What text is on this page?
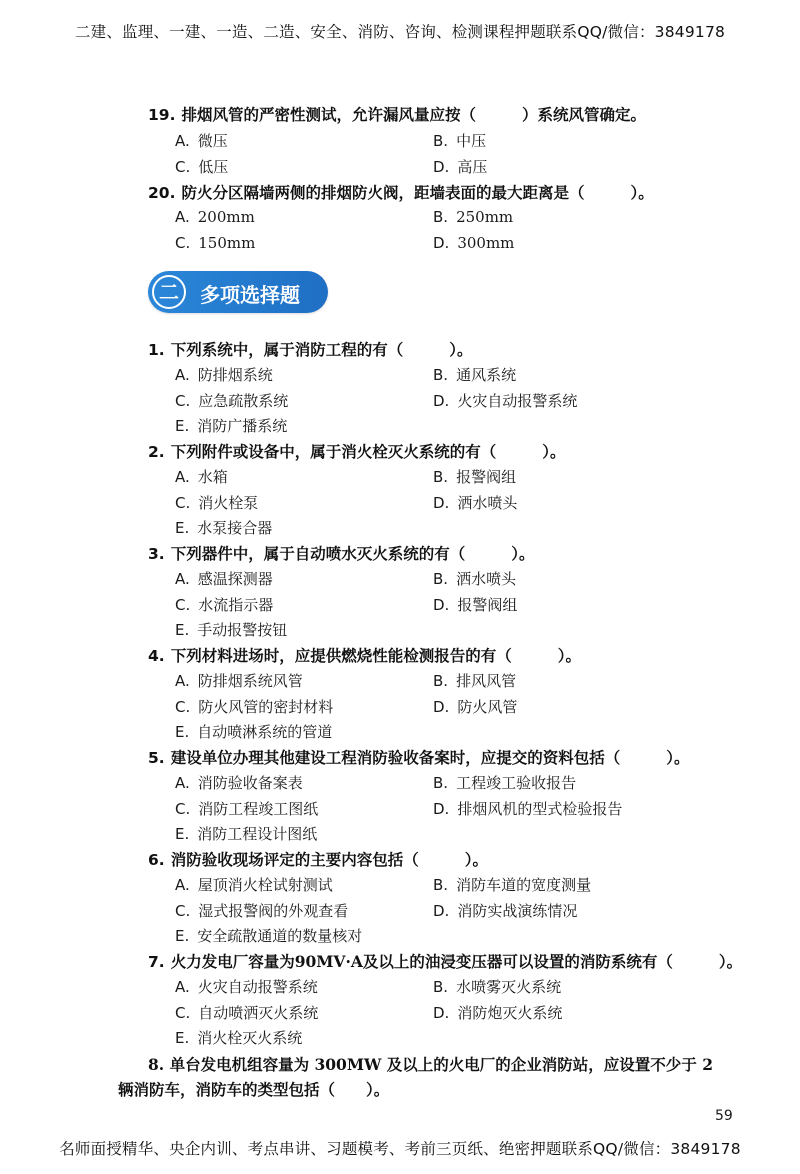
二建、监理、一建、一造、二造、安全、消防、咨询、检测课程押题联系QQ/微信：3849178
19. 排烟风管的严密性测试，允许漏风量应按（	）系统风管确定。
A. 微压	B. 中压
C. 低压	D. 高压
20. 防火分区隔墙两侧的排烟防火阀，距墙表面的最大距离是（	）。
A. 200mm	B. 250mm
C. 150mm	D. 300mm
二	多项选择题
1. 下列系统中，属于消防工程的有（	）。
A. 防排烟系统	B. 通风系统
C. 应急疏散系统	D. 火灾自动报警系统
E. 消防广播系统
2. 下列附件或设备中，属于消火栓灭火系统的有（	）。
A. 水箱	B. 报警阀组
C. 消火栓泵	D. 洒水喷头
E. 水泵接合器
3. 下列器件中，属于自动喷水灭火系统的有（	）。
A. 感温探测器	B. 洒水喷头
C. 水流指示器	D. 报警阀组
E. 手动报警按钮
4. 下列材料进场时，应提供燃烧性能检测报告的有（	）。
A. 防排烟系统风管	B. 排风风管
C. 防火风管的密封材料	D. 防火风管
E. 自动喷淋系统的管道
5. 建设单位办理其他建设工程消防验收备案时，应提交的资料包括（	）。
A. 消防验收备案表	B. 工程竣工验收报告
C. 消防工程竣工图纸	D. 排烟风机的型式检验报告
E. 消防工程设计图纸
6. 消防验收现场评定的主要内容包括（	）。
A. 屋顶消火栓试射测试	B. 消防车道的宽度测量
C. 湿式报警阀的外观查看	D. 消防实战演练情况
E. 安全疏散通道的数量核对
7. 火力发电厂容量为90MV·A及以上的油浸变压器可以设置的消防系统有（	）。
A. 火灾自动报警系统	B. 水喷雾灭火系统
C. 自动喷洒灭火系统	D. 消防炮灭火系统
E. 消火栓灭火系统
8. 单台发电机组容量为 300MW 及以上的火电厂的企业消防站，应设置不少于 2
辆消防车，消防车的类型包括（　　）。
59
名师面授精华、央企内训、考点串讲、习题模考、考前三页纸、绝密押题联系QQ/微信：3849178
